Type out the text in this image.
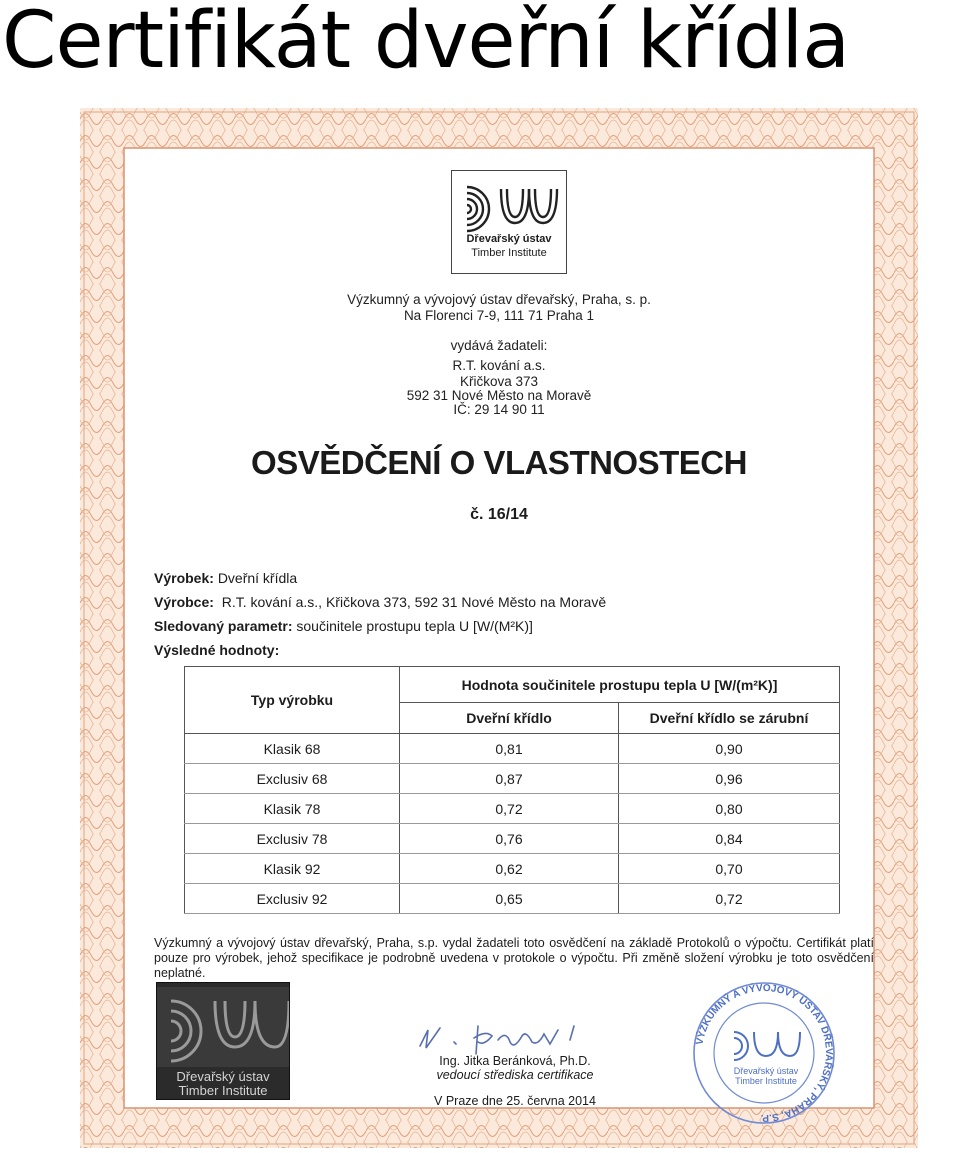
Certifikát dveřní křídla
Dřevařský ústav
Timber Institute
Výzkumný a vývojový ústav dřevařský, Praha, s. p.
Na Florenci 7-9, 111 71 Praha 1
vydává žadateli:
R.T. kování a.s.
Křičkova 373
592 31 Nové Město na Moravě
IČ: 29 14 90 11
OSVĚDČENÍ O VLASTNOSTECH
č. 16/14
Výrobek: Dveřní křídla
Výrobce: R.T. kování a.s., Křičkova 373, 592 31 Nové Město na Moravě
Sledovaný parametr: součinitele prostupu tepla U [W/(M²K)]
Výsledné hodnoty:
Typ výrobku	Hodnota součinitele prostupu tepla U [W/(m²K)]	
	Dveřní křídlo	Dveřní křídlo se zárubní
Klasik 68	0,81	0,90
Exclusiv 68	0,87	0,96
Klasik 78	0,72	0,80
Exclusiv 78	0,76	0,84
Klasik 92	0,62	0,70
Exclusiv 92	0,65	0,72
Výzkumný a vývojový ústav dřevařský, Praha, s.p. vydal žadateli toto osvědčení na základě Protokolů o výpočtu. Certifikát platí pouze pro výrobek, jehož specifikace je podrobně uvedena v protokole o výpočtu. Při změně složení výrobku je toto osvědčení neplatné.
Dřevařský ústav
Timber Institute
Ing. Jitka Beránková, Ph.D.
vedoucí střediska certifikace
V Praze dne 25. června 2014
VÝZKUMNÝ A VÝVOJOVÝ ÚSTAV DŘEVAŘSKÝ, PRAHA, S.P.
Dřevařský ústav
Timber Institute
